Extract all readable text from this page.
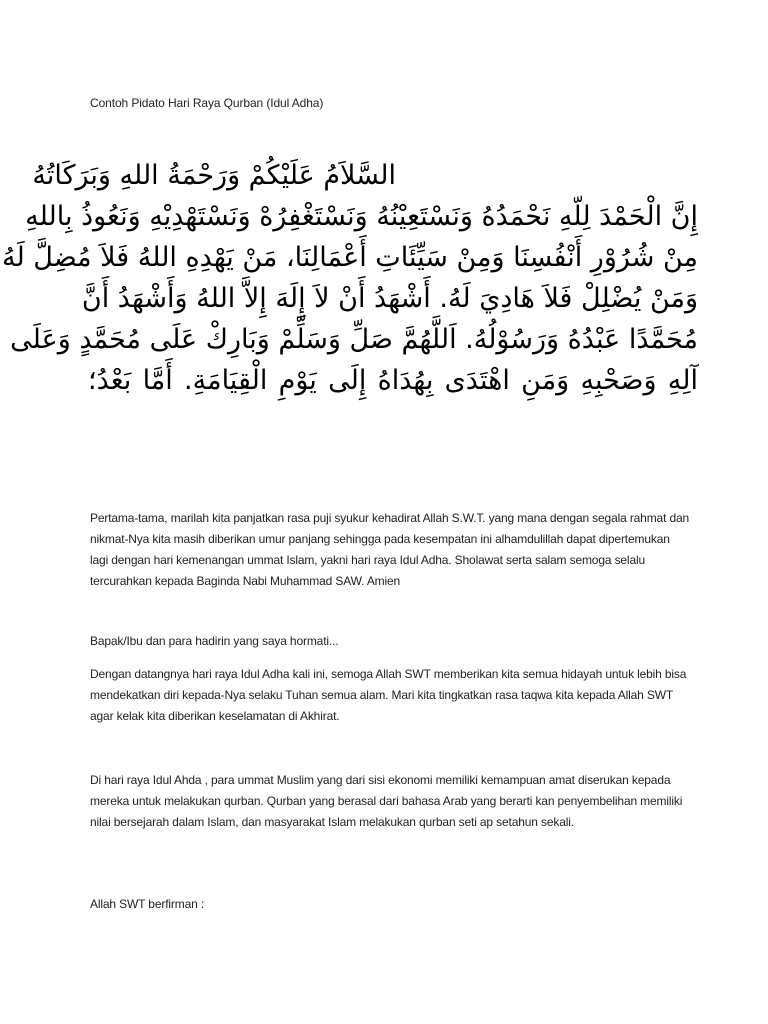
Contoh Pidato Hari Raya Qurban (Idul Adha)
السَّلاَمُ عَلَيْكُمْ وَرَحْمَةُ اللهِ وَبَرَكَاتُهُ
إِنَّ الْحَمْدَ لِلّهِ نَحْمَدُهُ وَنَسْتَعِيْنُهُ وَنَسْتَغْفِرُهْ وَنَسْتَهْدِيْهِ وَنَعُوذُ بِاللهِ
مِنْ شُرُوْرِ أَنْفُسِنَا وَمِنْ سَيِّئَاتِ أَعْمَالِنَا، مَنْ يَهْدِهِ اللهُ فَلاَ مُضِلَّ لَهُ
وَمَنْ يُضْلِلْ فَلاَ هَادِيَ لَهُ. أَشْهَدُ أَنْ لاَ إِلَهَ إِلاَّ اللهُ وَأَشْهَدُ أَنَّ
مُحَمَّدًا عَبْدُهُ وَرَسُوْلُهُ. اَللَّهُمَّ صَلِّ وَسَلِّمْ وَبَارِكْ عَلَى مُحَمَّدٍ وَعَلَى
آلِهِ وَصَحْبِهِ وَمَنِ اهْتَدَى بِهُدَاهُ إِلَى يَوْمِ الْقِيَامَةِ. أَمَّا بَعْدُ؛

Pertama-tama, marilah kita panjatkan rasa puji syukur kehadirat Allah S.W.T. yang mana dengan segala rahmat dan nikmat-Nya kita masih diberikan umur panjang sehingga pada kesempatan ini alhamdulillah dapat dipertemukan lagi dengan hari kemenangan ummat Islam, yakni hari raya Idul Adha. Sholawat serta salam semoga selalu tercurahkan kepada Baginda Nabi Muhammad SAW. Amien

Bapak/Ibu dan para hadirin yang saya hormati...

Dengan datangnya hari raya Idul Adha kali ini, semoga Allah SWT memberikan kita semua hidayah untuk lebih bisa mendekatkan diri kepada-Nya selaku Tuhan semua alam. Mari kita tingkatkan rasa taqwa kita kepada Allah SWT agar kelak kita diberikan keselamatan di Akhirat.

Di hari raya Idul Ahda , para ummat Muslim yang dari sisi ekonomi memiliki kemampuan amat diserukan kepada mereka untuk melakukan qurban. Qurban yang berasal dari bahasa Arab yang berarti kan penyembelihan memiliki nilai bersejarah dalam Islam, dan masyarakat Islam melakukan qurban seti ap setahun sekali.

Allah SWT berfirman :
